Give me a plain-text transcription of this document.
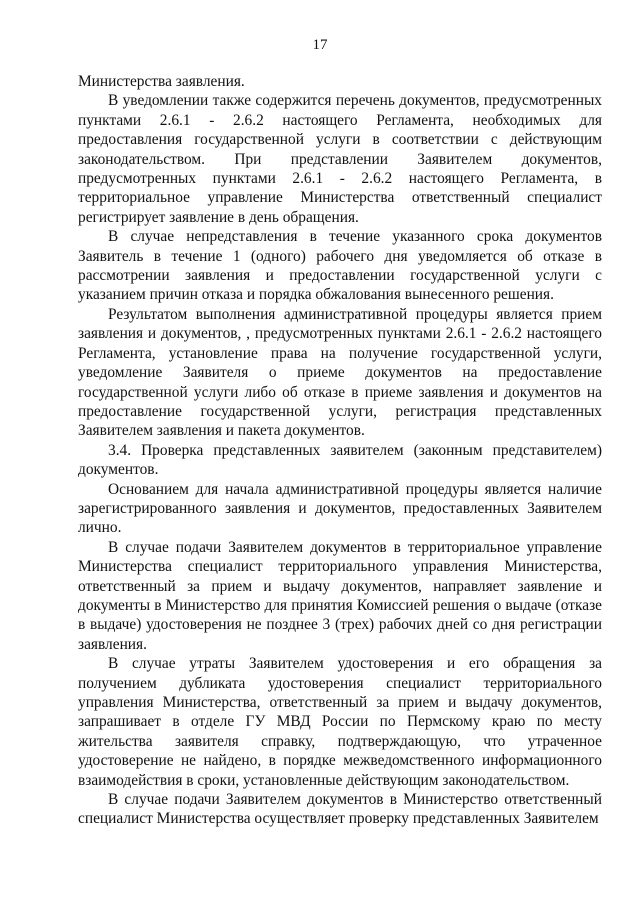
17

Министерства заявления.

В уведомлении также содержится перечень документов, предусмотренных пунктами 2.6.1 - 2.6.2 настоящего Регламента, необходимых для предоставления государственной услуги в соответствии с действующим законодательством. При представлении Заявителем документов, предусмотренных пунктами 2.6.1 - 2.6.2 настоящего Регламента, в территориальное управление Министерства ответственный специалист регистрирует заявление в день обращения.

В случае непредставления в течение указанного срока документов Заявитель в течение 1 (одного) рабочего дня уведомляется об отказе в рассмотрении заявления и предоставлении государственной услуги с указанием причин отказа и порядка обжалования вынесенного решения.

Результатом выполнения административной процедуры является прием заявления и документов, , предусмотренных пунктами 2.6.1 - 2.6.2 настоящего Регламента, установление права на получение государственной услуги, уведомление Заявителя о приеме документов на предоставление государственной услуги либо об отказе в приеме заявления и документов на предоставление государственной услуги, регистрация представленных Заявителем заявления и пакета документов.

3.4. Проверка представленных заявителем (законным представителем) документов.

Основанием для начала административной процедуры является наличие зарегистрированного заявления и документов, предоставленных Заявителем лично.

В случае подачи Заявителем документов в территориальное управление Министерства специалист территориального управления Министерства, ответственный за прием и выдачу документов, направляет заявление и документы в Министерство для принятия Комиссией решения о выдаче (отказе в выдаче) удостоверения не позднее 3 (трех) рабочих дней со дня регистрации заявления.

В случае утраты Заявителем удостоверения и его обращения за получением дубликата удостоверения специалист территориального управления Министерства, ответственный за прием и выдачу документов, запрашивает в отделе ГУ МВД России по Пермскому краю по месту жительства заявителя справку, подтверждающую, что утраченное удостоверение не найдено, в порядке межведомственного информационного взаимодействия в сроки, установленные действующим законодательством.

В случае подачи Заявителем документов в Министерство ответственный специалист Министерства осуществляет проверку представленных Заявителем
